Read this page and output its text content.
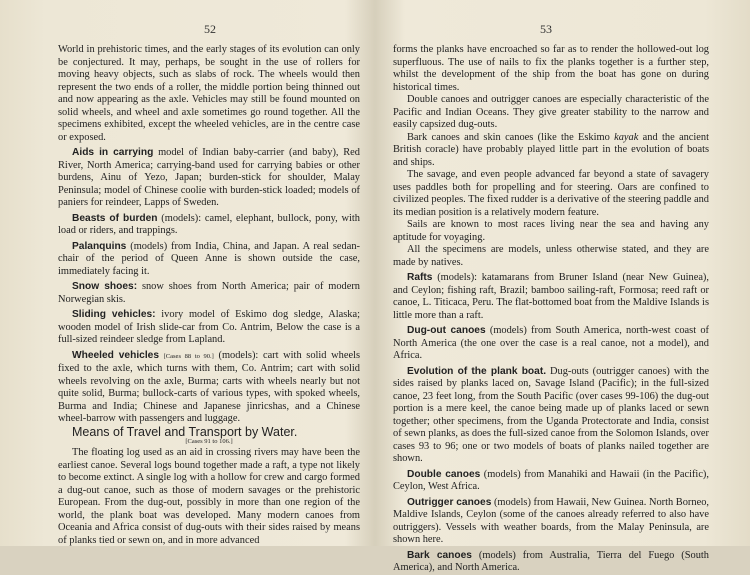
52

World in prehistoric times, and the early stages of its evolution can only be conjectured. It may, perhaps, be sought in the use of rollers for moving heavy objects, such as slabs of rock. The wheels would then represent the two ends of a roller, the middle portion being thinned out and now appearing as the axle. Vehicles may still be found mounted on solid wheels, and wheel and axle sometimes go round together. All the specimens exhibited, except the wheeled vehicles, are in the centre case or exposed.

Aids in carrying model of Indian baby-carrier (and baby), Red River, North America; carrying-band used for carrying babies or other burdens, Ainu of Yezo, Japan; burden-stick for shoulder, Malay Peninsula; model of Chinese coolie with burden-stick loaded; models of paniers for reindeer, Lapps of Sweden.

Beasts of burden (models): camel, elephant, bullock, pony, with load or riders, and trappings.

Palanquins (models) from India, China, and Japan. A real sedan-chair of the period of Queen Anne is shown outside the case, immediately facing it.

Snow shoes: snow shoes from North America; pair of modern Norwegian skis.

Sliding vehicles: ivory model of Eskimo dog sledge, Alaska; wooden model of Irish slide-car from Co. Antrim, Below the case is a full-sized reindeer sledge from Lapland.

Wheeled vehicles [Cases 88 to 90.] (models): cart with solid wheels fixed to the axle, which turns with them, Co. Antrim; cart with solid wheels revolving on the axle, Burma; carts with wheels nearly but not quite solid, Burma; bullock-carts of various types, with spoked wheels, Burma and India; Chinese and Japanese jinricshas, and a Chinese wheel-barrow with passengers and luggage.

Means of Travel and Transport by Water.

[Cases 91 to 106.]

The floating log used as an aid in crossing rivers may have been the earliest canoe. Several logs bound together made a raft, a type not likely to become extinct. A single log with a hollow for crew and cargo formed a dug-out canoe, such as those of modern savages or the prehistoric European. From the dug-out, possibly in more than one region of the world, the plank boat was developed. Many modern canoes from Oceania and Africa consist of dug-outs with their sides raised by means of planks tied or sewn on, and in more advanced

53

forms the planks have encroached so far as to render the hollowed-out log superfluous. The use of nails to fix the planks together is a further step, whilst the development of the ship from the boat has gone on during historical times.

Double canoes and outrigger canoes are especially characteristic of the Pacific and Indian Oceans. They give greater stability to the narrow and easily capsized dug-outs.

Bark canoes and skin canoes (like the Eskimo kayak and the ancient British coracle) have probably played little part in the evolution of boats and ships.

The savage, and even people advanced far beyond a state of savagery uses paddles both for propelling and for steering. Oars are confined to civilized peoples. The fixed rudder is a derivative of the steering paddle and its median position is a relatively modern feature.

Sails are known to most races living near the sea and having any aptitude for voyaging.

All the specimens are models, unless otherwise stated, and they are made by natives.

Rafts (models): katamarans from Bruner Island (near New Guinea), and Ceylon; fishing raft, Brazil; bamboo sailing-raft, Formosa; reed raft or canoe, L. Titicaca, Peru. The flat-bottomed boat from the Maldive Islands is little more than a raft.

Dug-out canoes (models) from South America, north-west coast of North America (the one over the case is a real canoe, not a model), and Africa.

Evolution of the plank boat. Dug-outs (outrigger canoes) with the sides raised by planks laced on, Savage Island (Pacific); in the full-sized canoe, 23 feet long, from the South Pacific (over cases 99-106) the dug-out portion is a mere keel, the canoe being made up of planks laced or sewn together; other specimens, from the Uganda Protectorate and India, consist of sewn planks, as does the full-sized canoe from the Solomon Islands, over cases 93 to 96; one or two models of boats of planks nailed together are shown.

Double canoes (models) from Manahiki and Hawaii (in the Pacific), Ceylon, West Africa.

Outrigger canoes (models) from Hawaii, New Guinea. North Borneo, Maldive Islands, Ceylon (some of the canoes already referred to also have outriggers). Vessels with weather boards, from the Malay Peninsula, are shown here.

Bark canoes (models) from Australia, Tierra del Fuego (South America), and North America.
